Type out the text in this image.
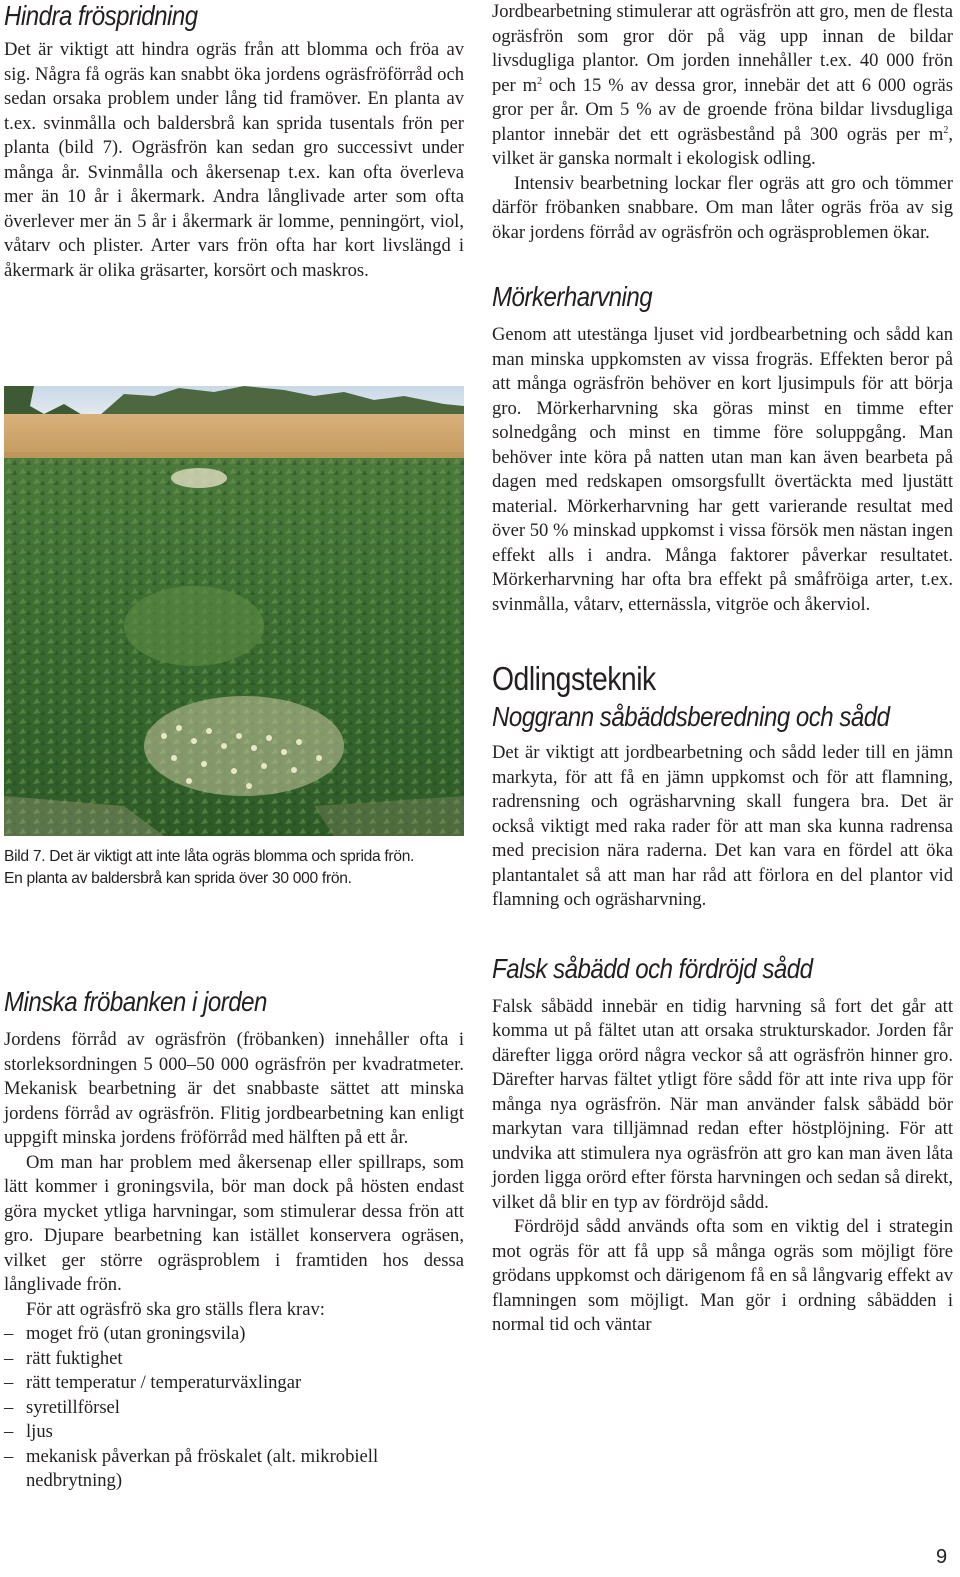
Hindra fröspridning

Det är viktigt att hindra ogräs från att blomma och fröa av sig. Några få ogräs kan snabbt öka jordens ogräsfröförråd och sedan orsaka problem under lång tid framöver. En planta av t.ex. svinmålla och baldersbrå kan sprida tusentals frön per planta (bild 7). Ogräsfrön kan sedan gro successivt under många år. Svinmålla och åkersenap t.ex. kan ofta överleva mer än 10 år i åkermark. Andra långlivade arter som ofta överlever mer än 5 år i åkermark är lomme, penningört, viol, våtarv och plister. Arter vars frön ofta har kort livslängd i åkermark är olika gräsarter, korsört och maskros.

Bild 7. Det är viktigt att inte låta ogräs blomma och sprida frön.
En planta av baldersbrå kan sprida över 30 000 frön.
Minska fröbanken i jorden

Jordens förråd av ogräsfrön (fröbanken) innehåller ofta i storleksordningen 5 000–50 000 ogräsfrön per kvadratmeter. Mekanisk bearbetning är det snabbaste sättet att minska jordens förråd av ogräsfrön. Flitig jordbearbetning kan enligt uppgift minska jordens fröförråd med hälften på ett år.

Om man har problem med åkersenap eller spillraps, som lätt kommer i groningsvila, bör man dock på hösten endast göra mycket ytliga harvningar, som stimulerar dessa frön att gro. Djupare bearbetning kan istället konservera ogräsen, vilket ger större ogräsproblem i framtiden hos dessa långlivade frön.

För att ogräsfrö ska gro ställs flera krav:

– moget frö (utan groningsvila)
– rätt fuktighet
– rätt temperatur / temperaturväxlingar
– syretillförsel
– ljus
– mekanisk påverkan på fröskalet (alt. mikrobiell nedbrytning)

Jordbearbetning stimulerar att ogräsfrön att gro, men de flesta ogräsfrön som gror dör på väg upp innan de bildar livsdugliga plantor. Om jorden innehåller t.ex. 40 000 frön per $m^2$ och 15 % av dessa gror, innebär det att 6 000 ogräs gror per år. Om 5 % av de groende fröna bildar livsdugliga plantor innebär det ett ogräsbestånd på 300 ogräs per $m^2$, vilket är ganska normalt i ekologisk odling.

Intensiv bearbetning lockar fler ogräs att gro och tömmer därför fröbanken snabbare. Om man låter ogräs fröa av sig ökar jordens förråd av ogräsfrön och ogräsproblemen ökar.

Mörkerharvning

Genom att utestänga ljuset vid jordbearbetning och sådd kan man minska uppkomsten av vissa frogräs. Effekten beror på att många ogräsfrön behöver en kort ljusimpuls för att börja gro. Mörkerharvning ska göras minst en timme efter solnedgång och minst en timme före soluppgång. Man behöver inte köra på natten utan man kan även bearbeta på dagen med redskapen omsorgsfullt övertäckta med ljustätt material. Mörkerharvning har gett varierande resultat med över 50 % minskad uppkomst i vissa försök men nästan ingen effekt alls i andra. Många faktorer påverkar resultatet. Mörkerharvning har ofta bra effekt på småfröiga arter, t.ex. svinmålla, våtarv, etternässla, vitgröe och åkerviol.

Odlingsteknik
Noggrann såbäddsberedning och sådd

Det är viktigt att jordbearbetning och sådd leder till en jämn markyta, för att få en jämn uppkomst och för att flamning, radrensning och ogräsharvning skall fungera bra. Det är också viktigt med raka rader för att man ska kunna radrensa med precision nära raderna. Det kan vara en fördel att öka plantantalet så att man har råd att förlora en del plantor vid flamning och ogräsharvning.

Falsk såbädd och fördröjd sådd

Falsk såbädd innebär en tidig harvning så fort det går att komma ut på fältet utan att orsaka strukturskador. Jorden får därefter ligga orörd några veckor så att ogräsfrön hinner gro. Därefter harvas fältet ytligt före sådd för att inte riva upp för många nya ogräsfrön. När man använder falsk såbädd bör markytan vara tilljämnad redan efter höstplöjning. För att undvika att stimulera nya ogräsfrön att gro kan man även låta jorden ligga orörd efter första harvningen och sedan så direkt, vilket då blir en typ av fördröjd sådd.

Fördröjd sådd används ofta som en viktig del i strategin mot ogräs för att få upp så många ogräs som möjligt före grödans uppkomst och därigenom få en så långvarig effekt av flamningen som möjligt. Man gör i ordning såbädden i normal tid och väntar

9
